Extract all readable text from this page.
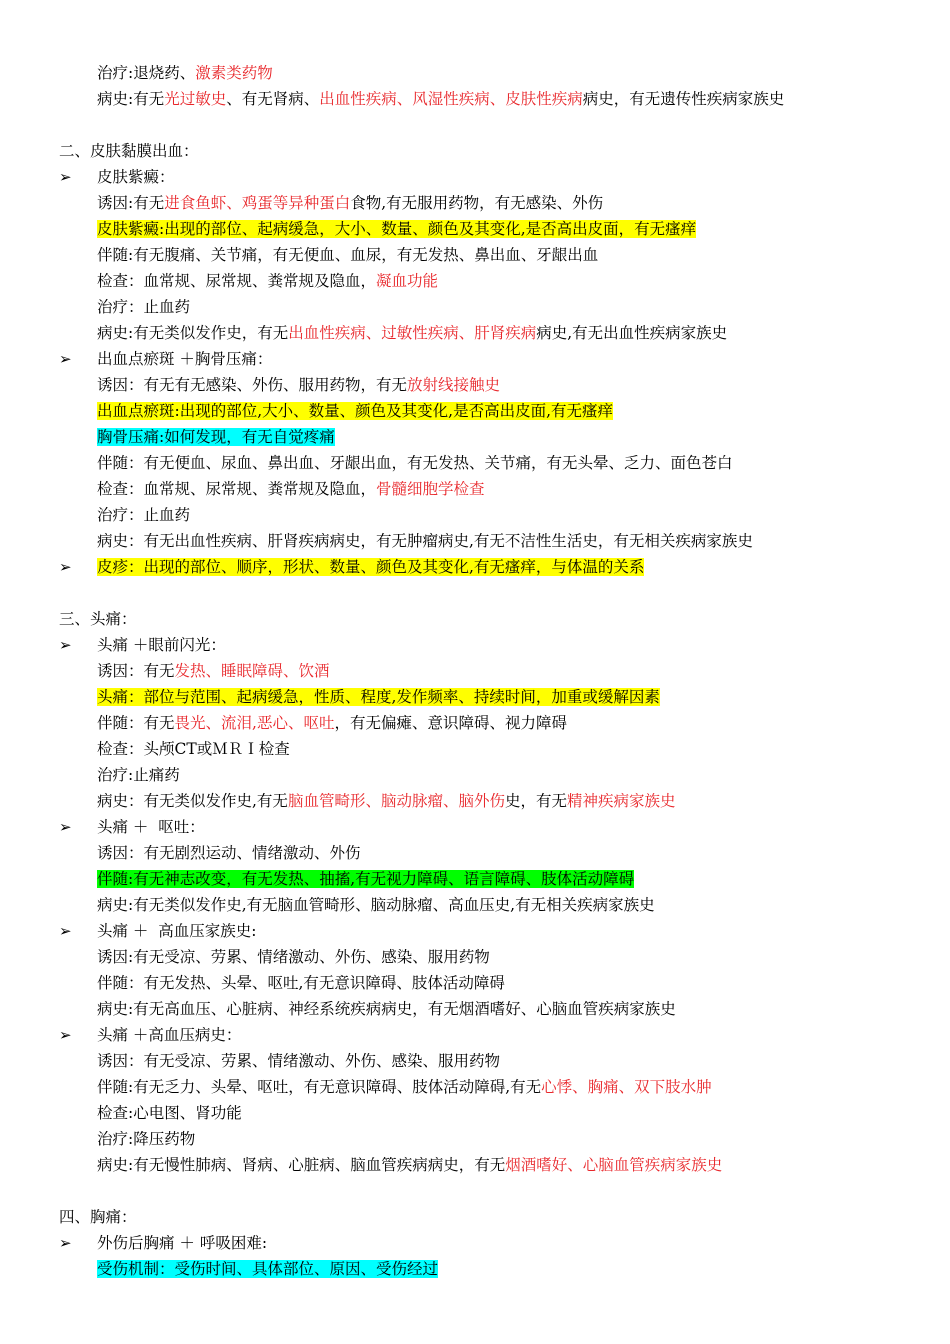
治疗:退烧药、激素类药物
病史:有无光过敏史、有无肾病、出血性疾病、风湿性疾病、皮肤性疾病病史，有无遗传性疾病家族史
二、皮肤黏膜出血：
➢	皮肤紫癜：
诱因:有无进食鱼虾、鸡蛋等异种蛋白食物,有无服用药物，有无感染、外伤
皮肤紫癜:出现的部位、起病缓急，大小、数量、颜色及其变化,是否高出皮面，有无瘙痒
伴随:有无腹痛、关节痛，有无便血、血尿，有无发热、鼻出血、牙龈出血
检查：血常规、尿常规、粪常规及隐血，凝血功能
治疗：止血药
病史:有无类似发作史，有无出血性疾病、过敏性疾病、肝肾疾病病史,有无出血性疾病家族史
➢	出血点瘀斑 ＋胸骨压痛：
诱因：有无有无感染、外伤、服用药物，有无放射线接触史
出血点瘀斑:出现的部位,大小、数量、颜色及其变化,是否高出皮面,有无瘙痒
胸骨压痛:如何发现，有无自觉疼痛
伴随：有无便血、尿血、鼻出血、牙龈出血，有无发热、关节痛，有无头晕、乏力、面色苍白
检查：血常规、尿常规、粪常规及隐血，骨髓细胞学检查
治疗：止血药
病史：有无出血性疾病、肝肾疾病病史，有无肿瘤病史,有无不洁性生活史，有无相关疾病家族史
➢	皮疹：出现的部位、顺序，形状、数量、颜色及其变化,有无瘙痒，与体温的关系
三、头痛：
➢	头痛 ＋眼前闪光：
诱因：有无发热、睡眠障碍、饮酒
头痛：部位与范围、起病缓急，性质、程度,发作频率、持续时间，加重或缓解因素
伴随：有无畏光、流泪,恶心、呕吐，有无偏瘫、意识障碍、视力障碍
检查：头颅CT或ＭＲＩ检查
治疗:止痛药
病史：有无类似发作史,有无脑血管畸形、脑动脉瘤、脑外伤史，有无精神疾病家族史
➢	头痛 ＋  呕吐：
诱因：有无剧烈运动、情绪激动、外伤
伴随:有无神志改变，有无发热、抽搐,有无视力障碍、语言障碍、肢体活动障碍
病史:有无类似发作史,有无脑血管畸形、脑动脉瘤、高血压史,有无相关疾病家族史
➢	头痛 ＋  高血压家族史:
诱因:有无受凉、劳累、情绪激动、外伤、感染、服用药物
伴随：有无发热、头晕、呕吐,有无意识障碍、肢体活动障碍
病史:有无高血压、心脏病、神经系统疾病病史，有无烟酒嗜好、心脑血管疾病家族史
➢	头痛 ＋高血压病史：
诱因：有无受凉、劳累、情绪激动、外伤、感染、服用药物
伴随:有无乏力、头晕、呕吐，有无意识障碍、肢体活动障碍,有无心悸、胸痛、双下肢水肿
检查:心电图、肾功能
治疗:降压药物
病史:有无慢性肺病、肾病、心脏病、脑血管疾病病史，有无烟酒嗜好、心脑血管疾病家族史
四、胸痛：
➢	外伤后胸痛 ＋ 呼吸困难:
受伤机制：受伤时间、具体部位、原因、受伤经过
